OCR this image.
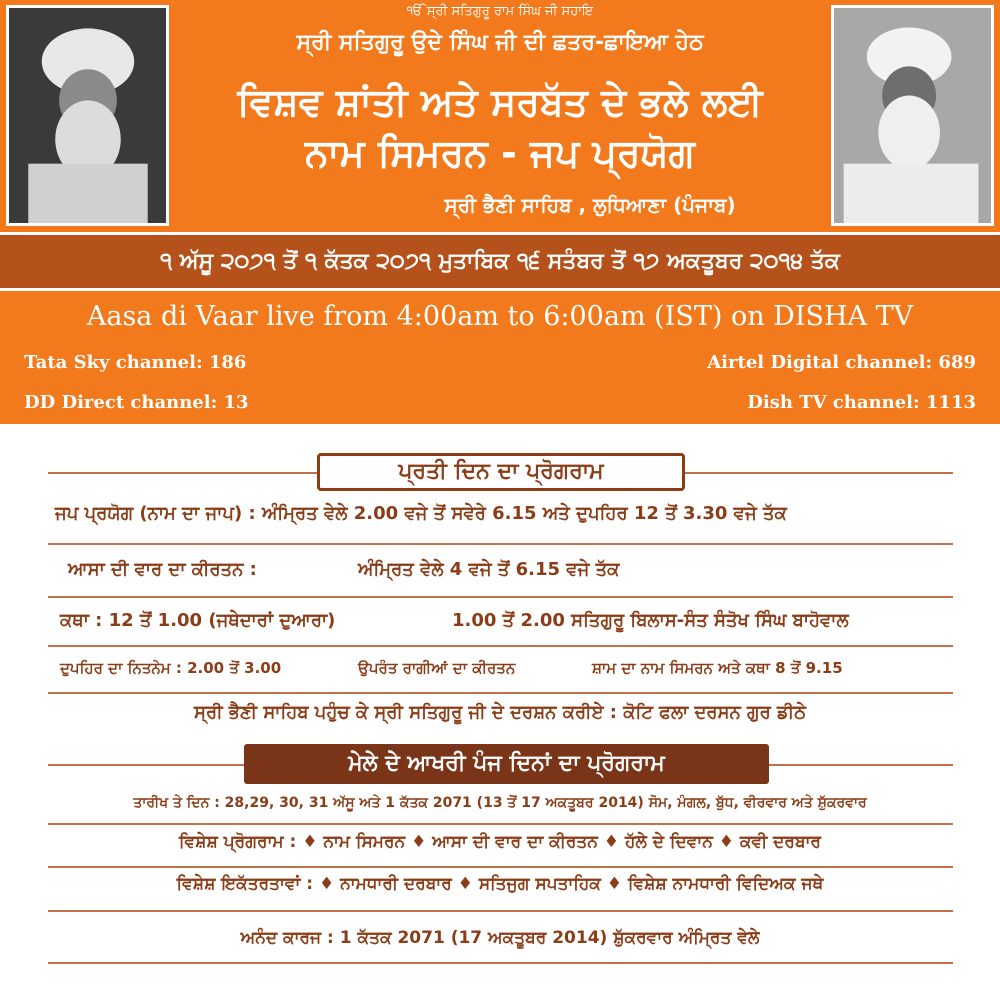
ੴ ਸ੍ਰੀ ਸਤਿਗੁਰੂ ਰਾਮ ਸਿੰਘ ਜੀ ਸਹਾਇ
ਸ੍ਰੀ ਸਤਿਗੁਰੂ ਉਦੇ ਸਿੰਘ ਜੀ ਦੀ ਛਤਰ-ਛਾਇਆ ਹੇਠ
ਵਿਸ਼ਵ ਸ਼ਾਂਤੀ ਅਤੇ ਸਰਬੱਤ ਦੇ ਭਲੇ ਲਈ
ਨਾਮ ਸਿਮਰਨ - ਜਪ ਪ੍ਰਯੋਗ
ਸ੍ਰੀ ਭੈਣੀ ਸਾਹਿਬ , ਲੁਧਿਆਣਾ (ਪੰਜਾਬ)
੧ ਅੱਸੂ ੨੦੭੧ ਤੋਂ ੧ ਕੱਤਕ ੨੦੭੧ ਮੁਤਾਬਿਕ ੧੬ ਸਤੰਬਰ ਤੋਂ ੧੭ ਅਕਤੂਬਰ ੨੦੧੪ ਤੱਕ
Aasa di Vaar live from 4:00am to 6:00am (IST) on DISHA TV
Tata Sky channel: 186	Airtel Digital channel: 689
DD Direct channel: 13	Dish TV channel: 1113
ਪ੍ਰਤੀ ਦਿਨ ਦਾ ਪ੍ਰੋਗਰਾਮ
ਜਪ ਪ੍ਰਯੋਗ (ਨਾਮ ਦਾ ਜਾਪ) : ਅੰਮ੍ਰਿਤ ਵੇਲੇ 2.00 ਵਜੇ ਤੋਂ ਸਵੇਰੇ 6.15 ਅਤੇ ਦੁਪਹਿਰ 12 ਤੋਂ 3.30 ਵਜੇ ਤੱਕ
ਆਸਾ ਦੀ ਵਾਰ ਦਾ ਕੀਰਤਨ :	ਅੰਮ੍ਰਿਤ ਵੇਲੇ 4 ਵਜੇ ਤੋਂ 6.15 ਵਜੇ ਤੱਕ
ਕਥਾ : 12 ਤੋਂ 1.00 (ਜਥੇਦਾਰਾਂ ਦੁਆਰਾ)	1.00 ਤੋਂ 2.00 ਸਤਿਗੁਰੂ ਬਿਲਾਸ-ਸੰਤ ਸੰਤੋਖ ਸਿੰਘ ਬਾਹੋਵਾਲ
ਦੁਪਹਿਰ ਦਾ ਨਿਤਨੇਮ : 2.00 ਤੋਂ 3.00	ਉਪਰੰਤ ਰਾਗੀਆਂ ਦਾ ਕੀਰਤਨ	ਸ਼ਾਮ ਦਾ ਨਾਮ ਸਿਮਰਨ ਅਤੇ ਕਥਾ 8 ਤੋਂ 9.15
ਸ੍ਰੀ ਭੈਣੀ ਸਾਹਿਬ ਪਹੁੰਚ ਕੇ ਸ੍ਰੀ ਸਤਿਗੁਰੂ ਜੀ ਦੇ ਦਰਸ਼ਨ ਕਰੀਏ : ਕੋਟਿ ਫਲਾ ਦਰਸਨ ਗੁਰ ਡੀਠੇ
ਮੇਲੇ ਦੇ ਆਖਰੀ ਪੰਜ ਦਿਨਾਂ ਦਾ ਪ੍ਰੋਗਰਾਮ
ਤਾਰੀਖ ਤੇ ਦਿਨ : 28,29, 30, 31 ਅੱਸੂ ਅਤੇ 1 ਕੱਤਕ 2071 (13 ਤੋਂ 17 ਅਕਤੂਬਰ 2014) ਸੋਮ, ਮੰਗਲ, ਬੁੱਧ, ਵੀਰਵਾਰ ਅਤੇ ਸ਼ੁੱਕਰਵਾਰ
ਵਿਸ਼ੇਸ਼ ਪ੍ਰੋਗਰਾਮ : ♦ ਨਾਮ ਸਿਮਰਨ ♦ ਆਸਾ ਦੀ ਵਾਰ ਦਾ ਕੀਰਤਨ ♦ ਹੱਲੇ ਦੇ ਦਿਵਾਨ ♦ ਕਵੀ ਦਰਬਾਰ
ਵਿਸ਼ੇਸ਼ ਇਕੱਤਰਤਾਵਾਂ : ♦ ਨਾਮਧਾਰੀ ਦਰਬਾਰ ♦ ਸਤਿਜੁਗ ਸਪਤਾਹਿਕ ♦ ਵਿਸ਼ੇਸ਼ ਨਾਮਧਾਰੀ ਵਿਦਿਅਕ ਜਥੇ
ਅਨੰਦ ਕਾਰਜ : 1 ਕੱਤਕ 2071 (17 ਅਕਤੂਬਰ 2014) ਸ਼ੁੱਕਰਵਾਰ ਅੰਮ੍ਰਿਤ ਵੇਲੇ
